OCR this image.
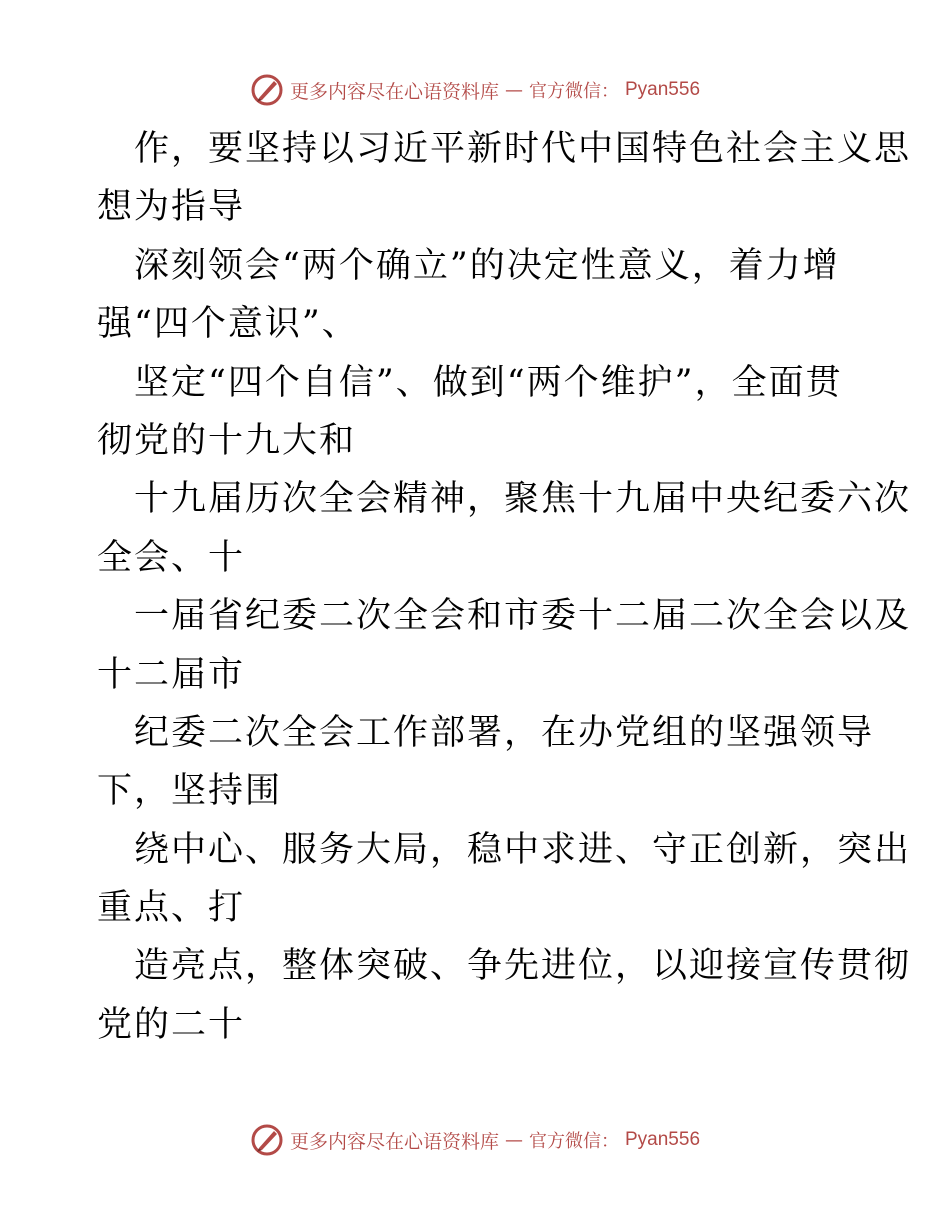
更多内容尽在心语资料库 — 官方微信： Pyan556
作，要坚持以习近平新时代中国特色社会主义思
想为指导
深刻领会“两个确立”的决定性意义，着力增
强“四个意识”、
坚定“四个自信”、做到“两个维护”，全面贯
彻党的十九大和
十九届历次全会精神，聚焦十九届中央纪委六次
全会、十
一届省纪委二次全会和市委十二届二次全会以及
十二届市
纪委二次全会工作部署，在办党组的坚强领导
下，坚持围
绕中心、服务大局，稳中求进、守正创新，突出
重点、打
造亮点，整体突破、争先进位，以迎接宣传贯彻
党的二十
更多内容尽在心语资料库 — 官方微信： Pyan556
